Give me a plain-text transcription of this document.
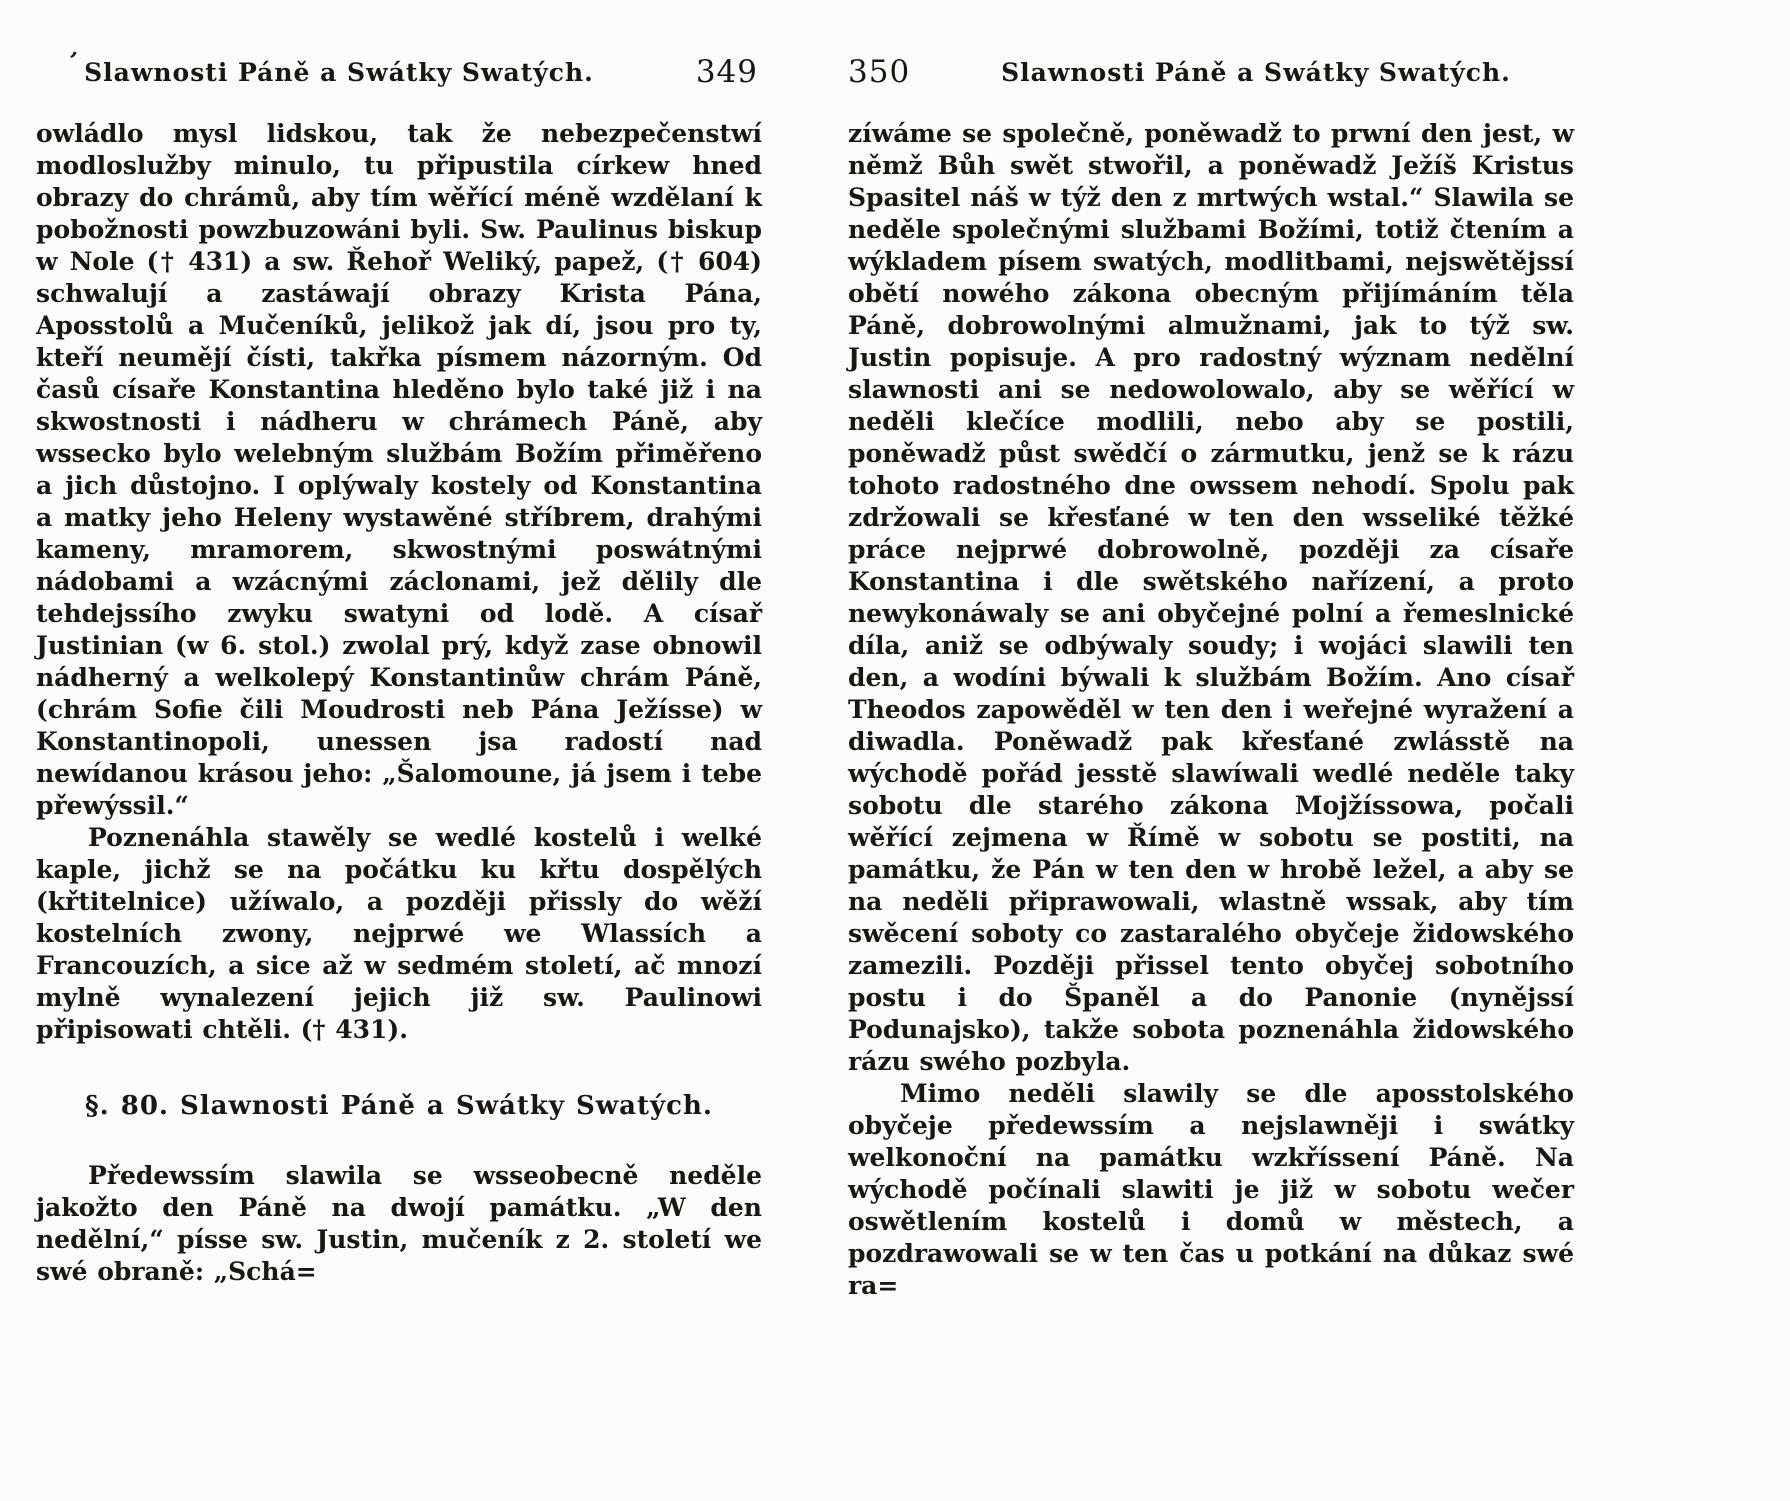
’ Slawnosti Páně a Swátky Swatých.	349

owládlo mysl lidskou, tak že nebezpečenstwí modloslužby minulo, tu připustila církew hned obrazy do chrámů, aby tím wěřící méně wzdělaní k pobožnosti powzbuzowáni byli. Sw. Paulinus biskup w Nole († 431) a sw. Řehoř Weliký, papež, († 604) schwalují a zastáwají obrazy Krista Pána, Aposstolů a Mučeníků, jelikož jak dí, jsou pro ty, kteří neumějí čísti, takřka písmem názorným. Od časů císaře Konstantina hleděno bylo také již i na skwostnosti i nádheru w chrámech Páně, aby wssecko bylo welebným službám Božím přiměřeno a jich důstojno. I oplýwaly kostely od Konstantina a matky jeho Heleny wystawěné stříbrem, drahými kameny, mramorem, skwostnými poswátnými nádobami a wzácnými záclonami, jež dělily dle tehdejssího zwyku swatyni od lodě. A císař Justinian (w 6. stol.) zwolal prý, když zase obnowil nádherný a welkolepý Konstantinůw chrám Páně, (chrám Sofie čili Moudrosti neb Pána Ježísse) w Konstantinopoli, unessen jsa radostí nad newídanou krásou jeho: „Šalomoune, já jsem i tebe přewýssil.“

Poznenáhla stawěly se wedlé kostelů i welké kaple, jichž se na počátku ku křtu dospělých (křtitelnice) užíwalo, a později přissly do wěží kostelních zwony, nejprwé we Wlassích a Francouzích, a sice až w sedmém století, ač mnozí mylně wynalezení jejich již sw. Paulinowi připisowati chtěli. († 431).

§. 80. Slawnosti Páně a Swátky Swatých.

Předewssím slawila se wsseobecně neděle jakožto den Páně na dwojí památku. „W den nedělní,“ písse sw. Justin, mučeník z 2. století we swé obraně: „Schá=

350	Slawnosti Páně a Swátky Swatých.

zíwáme se společně, poněwadž to prwní den jest, w němž Bůh swět stwořil, a poněwadž Ježíš Kristus Spasitel náš w týž den z mrtwých wstal.“ Slawila se neděle společnými službami Božími, totiž čtením a wýkladem písem swatých, modlitbami, nejswětějssí obětí nowého zákona obecným přijímáním těla Páně, dobrowolnými almužnami, jak to týž sw. Justin popisuje. A pro radostný wýznam nedělní slawnosti ani se nedowolowalo, aby se wěřící w neděli klečíce modlili, nebo aby se postili, poněwadž půst swědčí o zármutku, jenž se k rázu tohoto radostného dne owssem nehodí. Spolu pak zdržowali se křesťané w ten den wsseliké těžké práce nejprwé dobrowolně, později za císaře Konstantina i dle swětského nařízení, a proto newykonáwaly se ani obyčejné polní a řemeslnické díla, aniž se odbýwaly soudy; i wojáci slawili ten den, a wodíni býwali k službám Božím. Ano císař Theodos zapowěděl w ten den i weřejné wyražení a diwadla. Poněwadž pak křesťané zwlásstě na wýchodě pořád jesstě slawíwali wedlé neděle taky sobotu dle starého zákona Mojžíssowa, počali wěřící zejmena w Římě w sobotu se postiti, na památku, že Pán w ten den w hrobě ležel, a aby se na neděli připrawowali, wlastně wssak, aby tím swěcení soboty co zastaralého obyčeje židowského zamezili. Později přissel tento obyčej sobotního postu i do Španěl a do Panonie (nynějssí Podunajsko), takže sobota poznenáhla židowského rázu swého pozbyla.

Mimo neděli slawily se dle aposstolského obyčeje předewssím a nejslawněji i swátky welkonoční na památku wzkříssení Páně. Na wýchodě počínali slawiti je již w sobotu wečer oswětlením kostelů i domů w městech, a pozdrawowali se w ten čas u potkání na důkaz swé ra=
